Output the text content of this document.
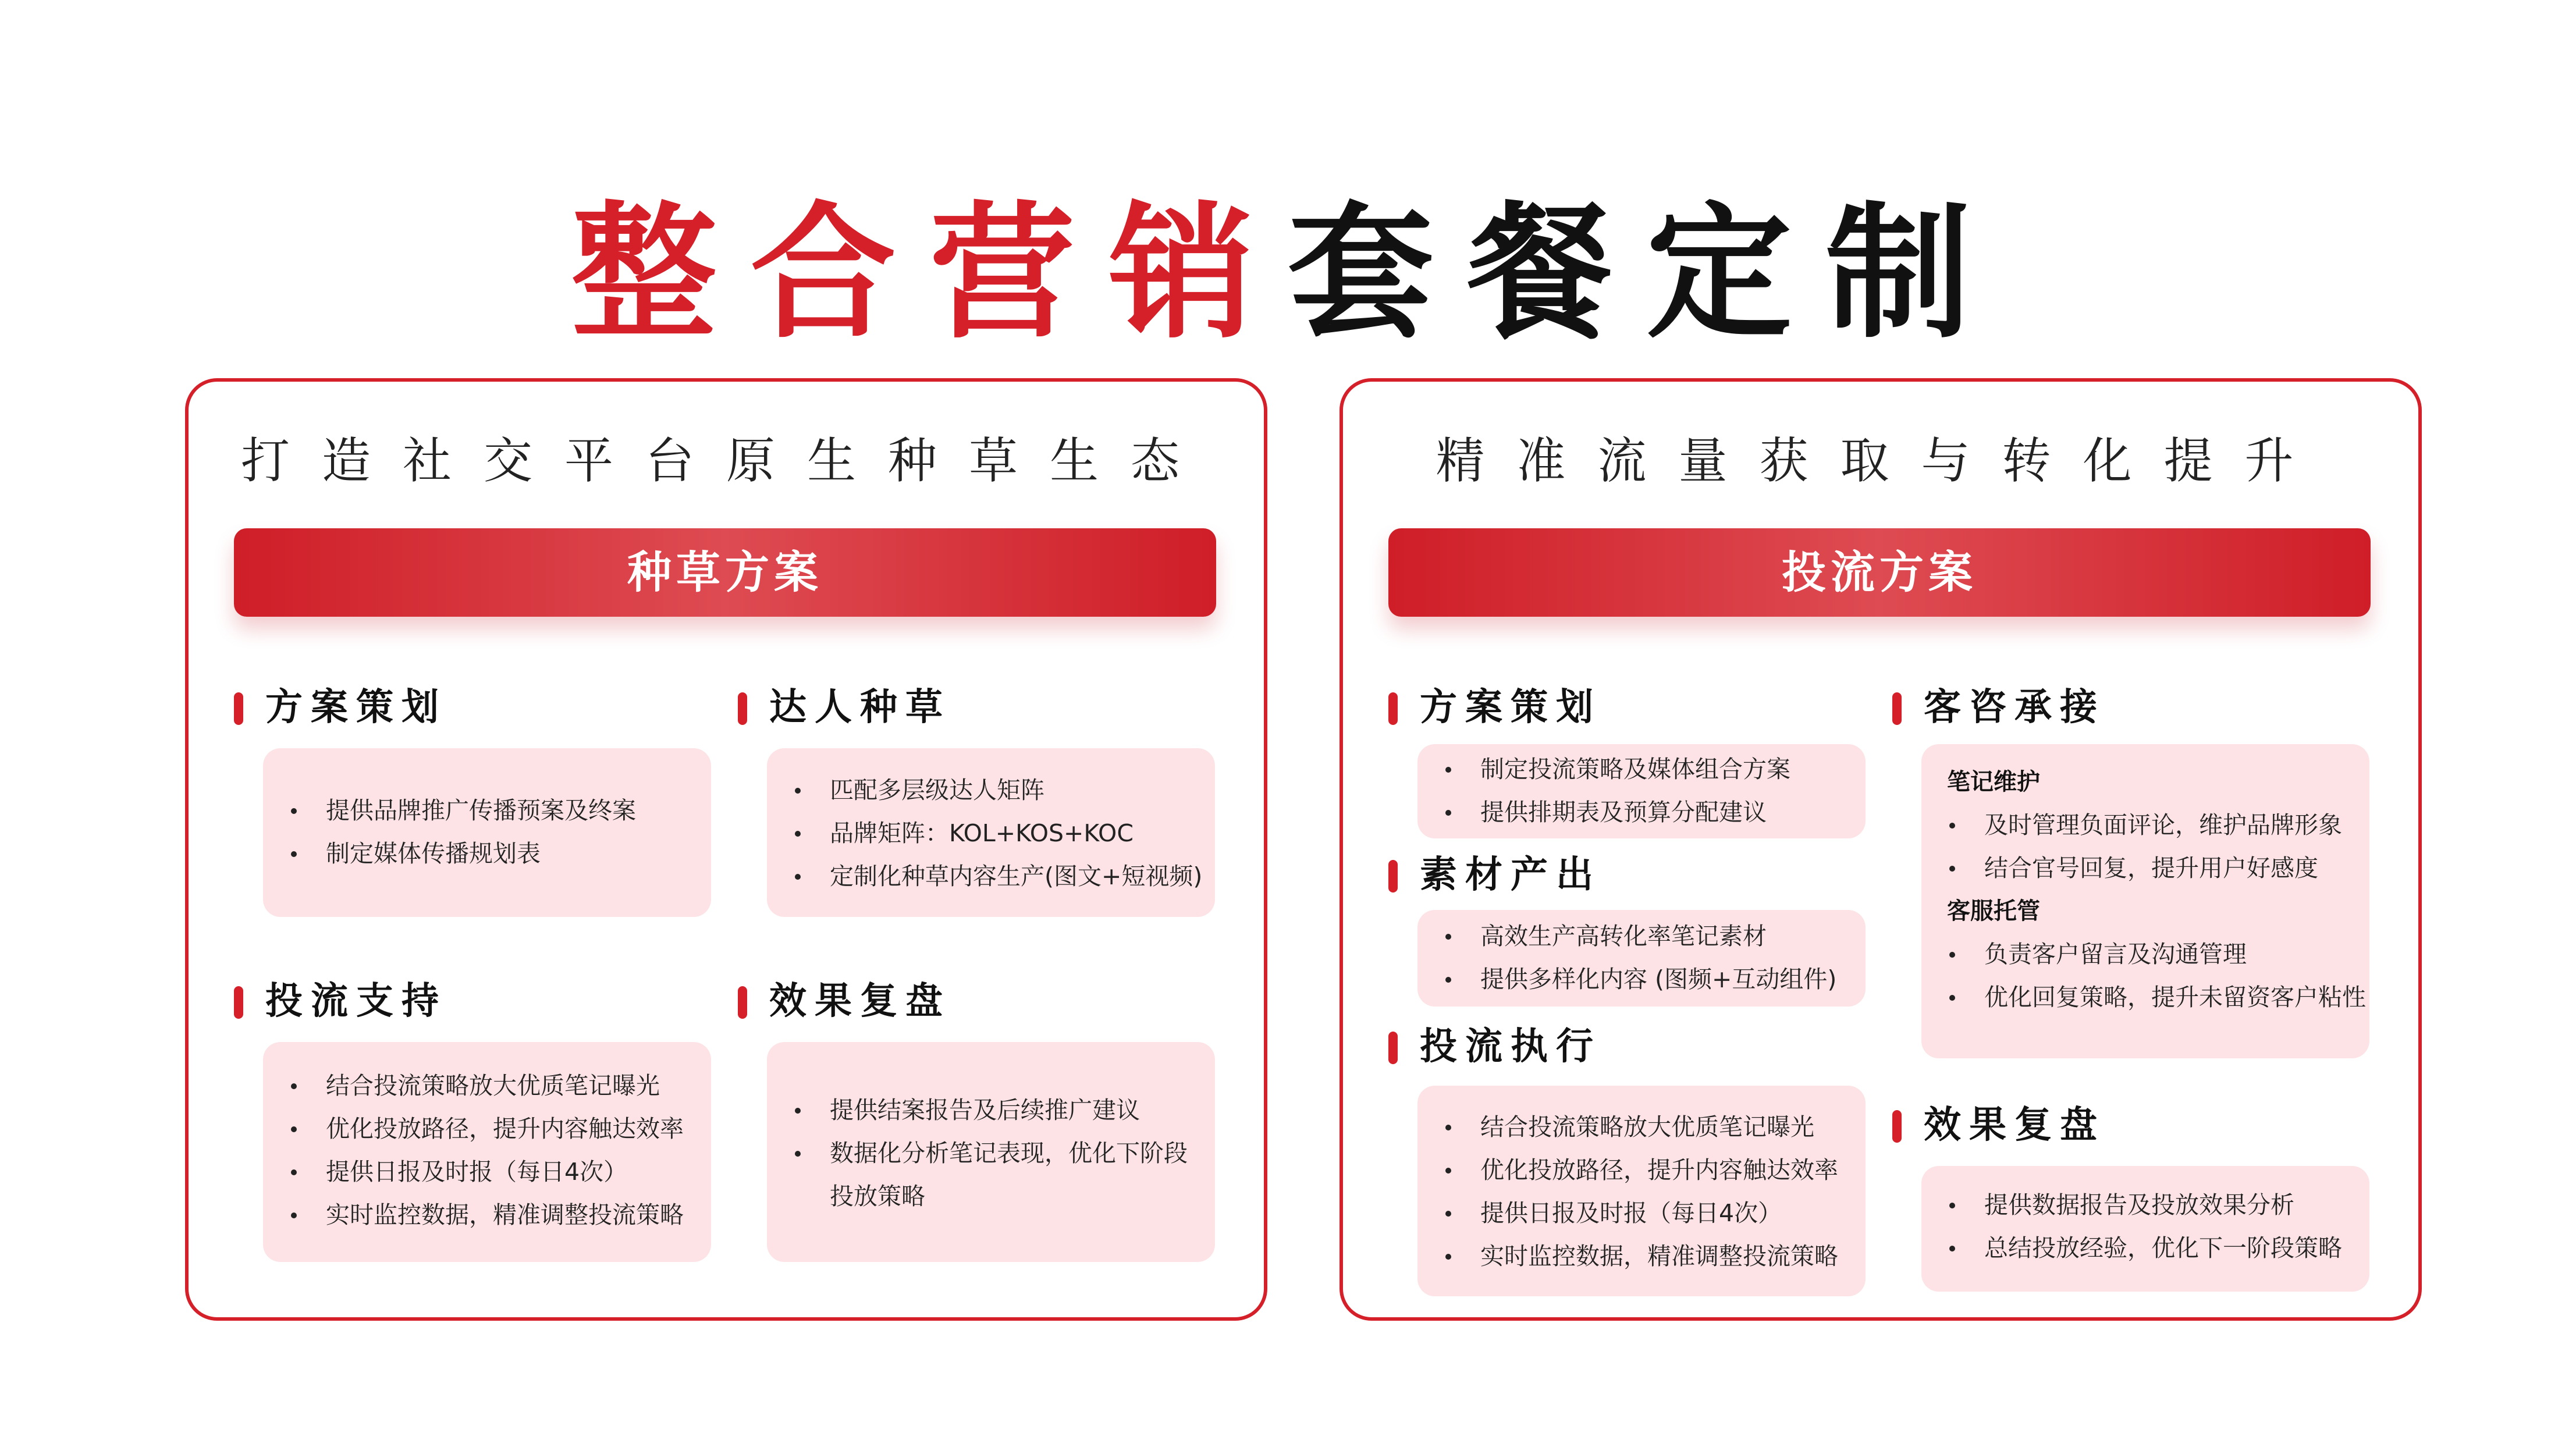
整合营销套餐定制
打造社交平台原生种草生态
种草方案
方案策划
提供品牌推广传播预案及终案
制定媒体传播规划表
达人种草
匹配多层级达人矩阵
品牌矩阵：KOL+KOS+KOC
定制化种草内容生产(图文+短视频)
投流支持
结合投流策略放大优质笔记曝光
优化投放路径，提升内容触达效率
提供日报及时报（每日4次）
实时监控数据，精准调整投流策略
效果复盘
提供结案报告及后续推广建议
数据化分析笔记表现，优化下阶段投放策略
精准流量获取与转化提升
投流方案
方案策划
制定投流策略及媒体组合方案
提供排期表及预算分配建议
素材产出
高效生产高转化率笔记素材
提供多样化内容 (图频+互动组件)
投流执行
结合投流策略放大优质笔记曝光
优化投放路径，提升内容触达效率
提供日报及时报（每日4次）
实时监控数据，精准调整投流策略
客咨承接
笔记维护
及时管理负面评论，维护品牌形象
结合官号回复，提升用户好感度
客服托管
负责客户留言及沟通管理
优化回复策略，提升未留资客户粘性
效果复盘
提供数据报告及投放效果分析
总结投放经验，优化下一阶段策略
